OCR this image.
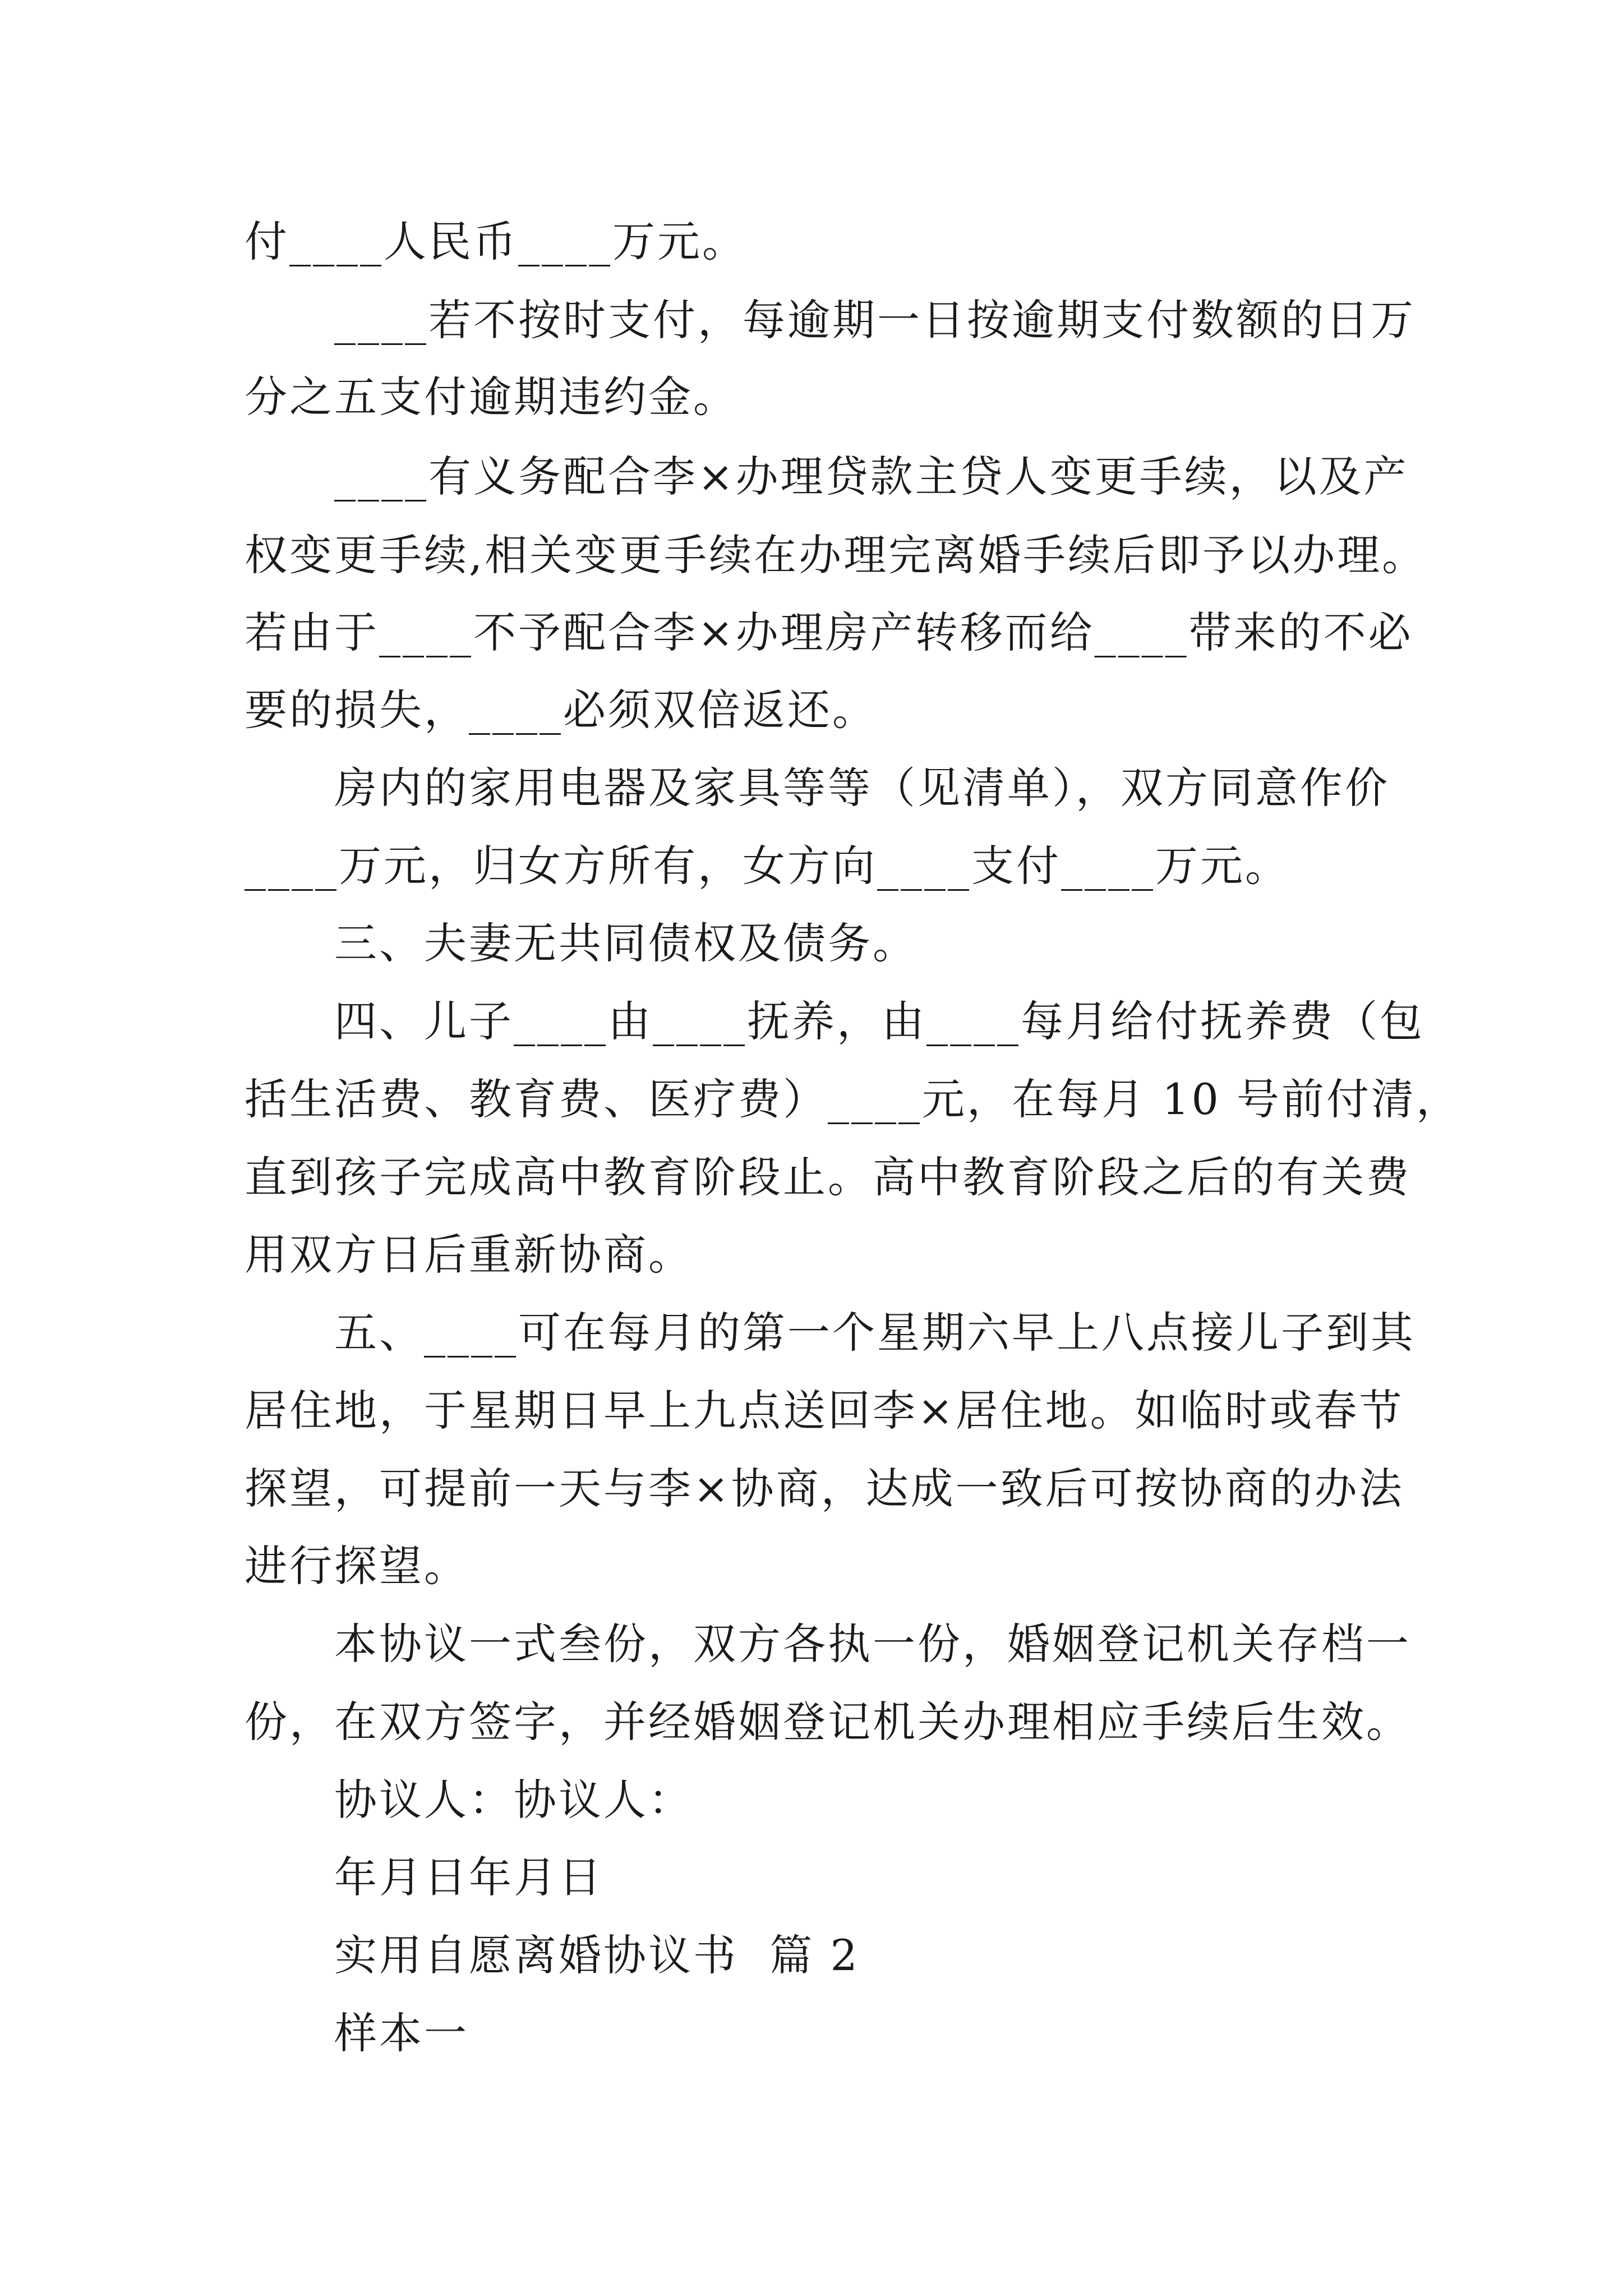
付____人民币____万元。
____若不按时支付，每逾期一日按逾期支付数额的日万
分之五支付逾期违约金。
____有义务配合李×办理贷款主贷人变更手续，以及产
权变更手续,相关变更手续在办理完离婚手续后即予以办理。
若由于____不予配合李×办理房产转移而给____带来的不必
要的损失，____必须双倍返还。
房内的家用电器及家具等等（见清单），双方同意作价
____万元，归女方所有，女方向____支付____万元。
三、夫妻无共同债权及债务。
四、儿子____由____抚养，由____每月给付抚养费（包
括生活费、教育费、医疗费）____元，在每月 10 号前付清，
直到孩子完成高中教育阶段止。高中教育阶段之后的有关费
用双方日后重新协商。
五、____可在每月的第一个星期六早上八点接儿子到其
居住地，于星期日早上九点送回李×居住地。如临时或春节
探望，可提前一天与李×协商，达成一致后可按协商的办法
进行探望。
本协议一式叁份，双方各执一份，婚姻登记机关存档一
份，在双方签字，并经婚姻登记机关办理相应手续后生效。
协议人：协议人：
年月日年月日
实用自愿离婚协议书  篇 2
样本一
